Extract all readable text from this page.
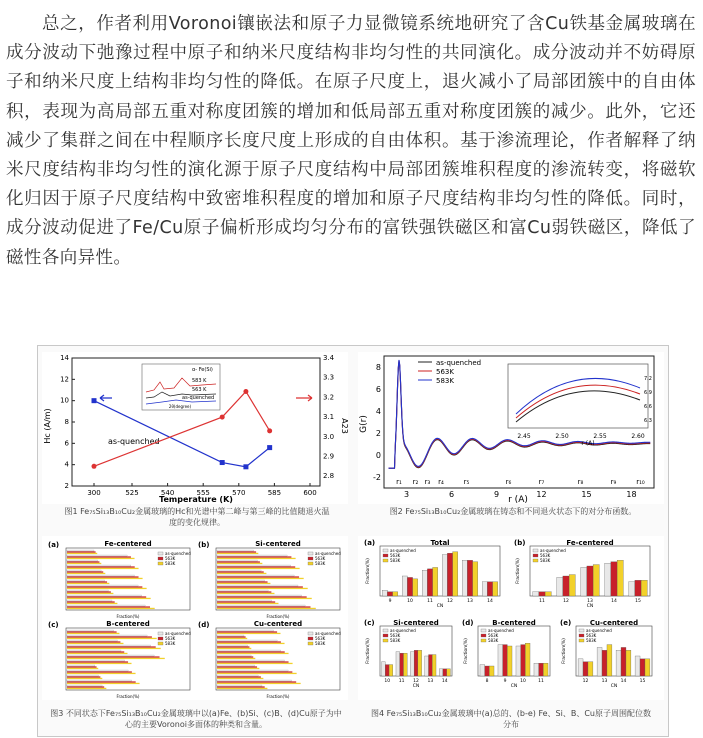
总之，作者利用Voronoi镶嵌法和原子力显微镜系统地研究了含Cu铁基金属玻璃在成分波动下弛豫过程中原子和纳米尺度结构非均匀性的共同演化。成分波动并不妨碍原子和纳米尺度上结构非均匀性的降低。在原子尺度上，退火减小了局部团簇中的自由体积，表现为高局部五重对称度团簇的增加和低局部五重对称度团簇的减少。此外，它还减少了集群之间在中程顺序长度尺度上形成的自由体积。基于渗流理论，作者解释了纳米尺度结构非均匀性的演化源于原子尺度结构中局部团簇堆积程度的渗流转变，将磁软化归因于原子尺度结构中致密堆积程度的增加和原子尺度结构非均匀性的降低。同时，成分波动促进了Fe/Cu原子偏析形成均匀分布的富铁强铁磁区和富Cu弱铁磁区，降低了磁性各向异性。

Hc (A/m)	A23
Temperature (K)
as-quenched
300	525	540	555	570	585	600
2
4
6
8
10
12
14
2.8
2.9
3.0
3.1
3.2
3.3
3.4
α- Fe(Si)
583 K
563 K
as-quenched
2θ(degree)
图1 Fe₇₅Si₁₃B₁₀Cu₂金属玻璃的Hc和光谱中第二峰与第三峰的比值随退火温度的变化规律。
G(r)
r (A)
3	6	9	12	15	18
-2
0
2
4
6
8
r₁ r₂ r₃ r₄	r₅	r₆	r₇	r₈	r₉	r₁₀
2.45	2.50	2.55	2.60
6.3
6.6
6.9
7.2
r (A)
as-quenched
563K
583K
图2 Fe₇₅Si₁₃B₁₀Cu₂金属玻璃在铸态和不同退火状态下的对分布函数。
(a)	Fe-centered
Fraction(%)
as-quenched
563K
583K
(b)	Si-centered
Fraction(%)
as-quenched
563K
583K
(c)	B-centered
Fraction(%)
as-quenched
563K
583K
(d)	Cu-centered
Fraction(%)
as-quenched
563K
583K
图3 不同状态下Fe₇₅Si₁₃B₁₀Cu₂金属玻璃中以(a)Fe、(b)Si、(c)B、(d)Cu原子为中心的主要Voronoi多面体的种类和含量。
(a)	Total
9	10	11	12	13	14
CN
Fraction(%)
as-quenched
563K
583K
(b)	Fe-centered
11	12	13	14	15
CN
Fraction(%)
as-quenched
563K
583K
(c)	Si-centered
10 11 12 13 14
CN
Fraction(%)
as-quenched
563K
583K
(d)	B-centered
8	9	10	11
CN
Fraction(%)
as-quenched
563K
583K
(e)	Cu-centered
12	13	14	15
CN
Fraction(%)
as-quenched
563K
583K
图4 Fe₇₅Si₁₃B₁₀Cu₂金属玻璃中(a)总的、(b-e) Fe、Si、B、Cu原子周围配位数分布
